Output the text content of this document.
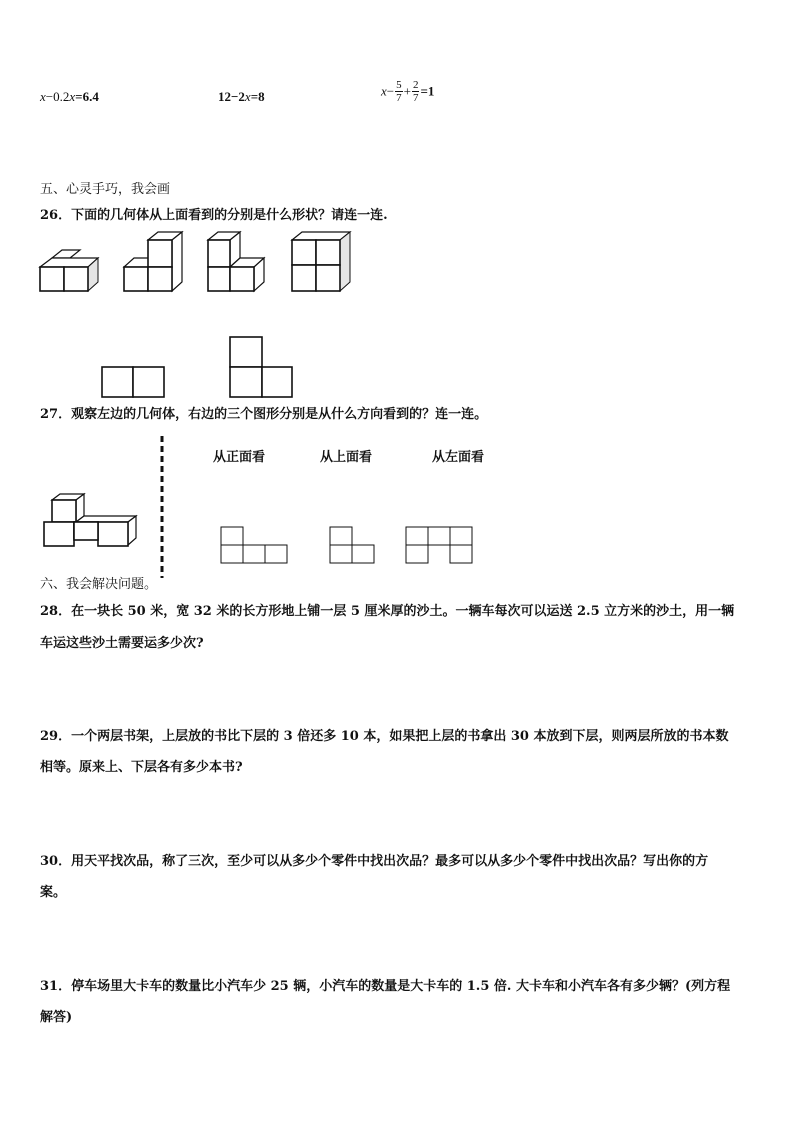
x−0.2x=6.4	12−2x=8	$x- \frac{5}{7} + \frac{2}{7} =1$
五、心灵手巧，我会画
26．下面的几何体从上面看到的分别是什么形状？请连一连.
27．观察左边的几何体，右边的三个图形分别是从什么方向看到的？连一连。
从正面看	从上面看	从左面看
六、我会解决问题。
28．在一块长 50 米，宽 32 米的长方形地上铺一层 5 厘米厚的沙土。一辆车每次可以运送 2.5 立方米的沙土，用一辆
车运这些沙土需要运多少次?
29．一个两层书架，上层放的书比下层的 3 倍还多 10 本，如果把上层的书拿出 30 本放到下层，则两层所放的书本数
相等。原来上、下层各有多少本书?
30．用天平找次品，称了三次，至少可以从多少个零件中找出次品？最多可以从多少个零件中找出次品？写出你的方
案。
31．停车场里大卡车的数量比小汽车少 25 辆，小汽车的数量是大卡车的 1.5 倍. 大卡车和小汽车各有多少辆？(列方程
解答)
